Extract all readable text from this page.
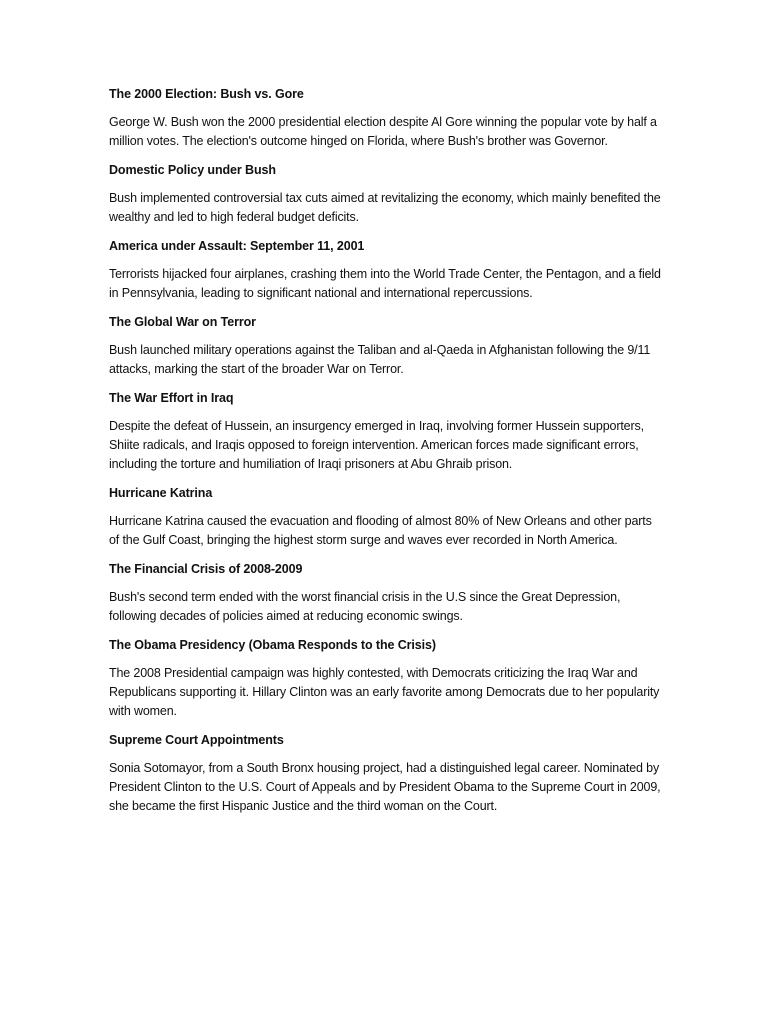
The 2000 Election: Bush vs. Gore

George W. Bush won the 2000 presidential election despite Al Gore winning the popular vote by half a million votes. The election's outcome hinged on Florida, where Bush's brother was Governor.

Domestic Policy under Bush

Bush implemented controversial tax cuts aimed at revitalizing the economy, which mainly benefited the wealthy and led to high federal budget deficits.

America under Assault: September 11, 2001

Terrorists hijacked four airplanes, crashing them into the World Trade Center, the Pentagon, and a field in Pennsylvania, leading to significant national and international repercussions.

The Global War on Terror

Bush launched military operations against the Taliban and al-Qaeda in Afghanistan following the 9/11 attacks, marking the start of the broader War on Terror.

The War Effort in Iraq

Despite the defeat of Hussein, an insurgency emerged in Iraq, involving former Hussein supporters, Shiite radicals, and Iraqis opposed to foreign intervention. American forces made significant errors, including the torture and humiliation of Iraqi prisoners at Abu Ghraib prison.

Hurricane Katrina

Hurricane Katrina caused the evacuation and flooding of almost 80% of New Orleans and other parts of the Gulf Coast, bringing the highest storm surge and waves ever recorded in North America.

The Financial Crisis of 2008-2009

Bush's second term ended with the worst financial crisis in the U.S since the Great Depression, following decades of policies aimed at reducing economic swings.

The Obama Presidency (Obama Responds to the Crisis)

The 2008 Presidential campaign was highly contested, with Democrats criticizing the Iraq War and Republicans supporting it. Hillary Clinton was an early favorite among Democrats due to her popularity with women.

Supreme Court Appointments

Sonia Sotomayor, from a South Bronx housing project, had a distinguished legal career. Nominated by President Clinton to the U.S. Court of Appeals and by President Obama to the Supreme Court in 2009, she became the first Hispanic Justice and the third woman on the Court.
